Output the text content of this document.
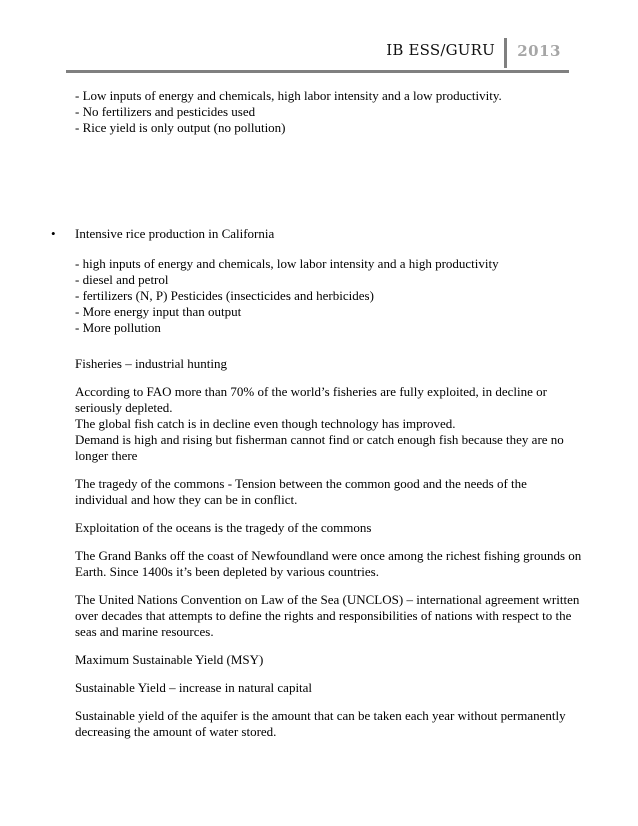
IB ESS/GURU 2013

- Low inputs of energy and chemicals, high labor intensity and a low productivity.

- No fertilizers and pesticides used

- Rice yield is only output (no pollution)

• Intensive rice production in California

- high inputs of energy and chemicals, low labor intensity and a high productivity

- diesel and petrol

- fertilizers (N, P) Pesticides (insecticides and herbicides)

- More energy input than output

- More pollution

Fisheries – industrial hunting

According to FAO more than 70% of the world’s fisheries are fully exploited, in decline or

seriously depleted.

The global fish catch is in decline even though technology has improved.

Demand is high and rising but fisherman cannot find or catch enough fish because they are no

longer there

The tragedy of the commons - Tension between the common good and the needs of the

individual and how they can be in conflict.

Exploitation of the oceans is the tragedy of the commons

The Grand Banks off the coast of Newfoundland were once among the richest fishing grounds on

Earth. Since 1400s it’s been depleted by various countries.

The United Nations Convention on Law of the Sea (UNCLOS) – international agreement written

over decades that attempts to define the rights and responsibilities of nations with respect to the

seas and marine resources.

Maximum Sustainable Yield (MSY)

Sustainable Yield – increase in natural capital

Sustainable yield of the aquifer is the amount that can be taken each year without permanently

decreasing the amount of water stored.
